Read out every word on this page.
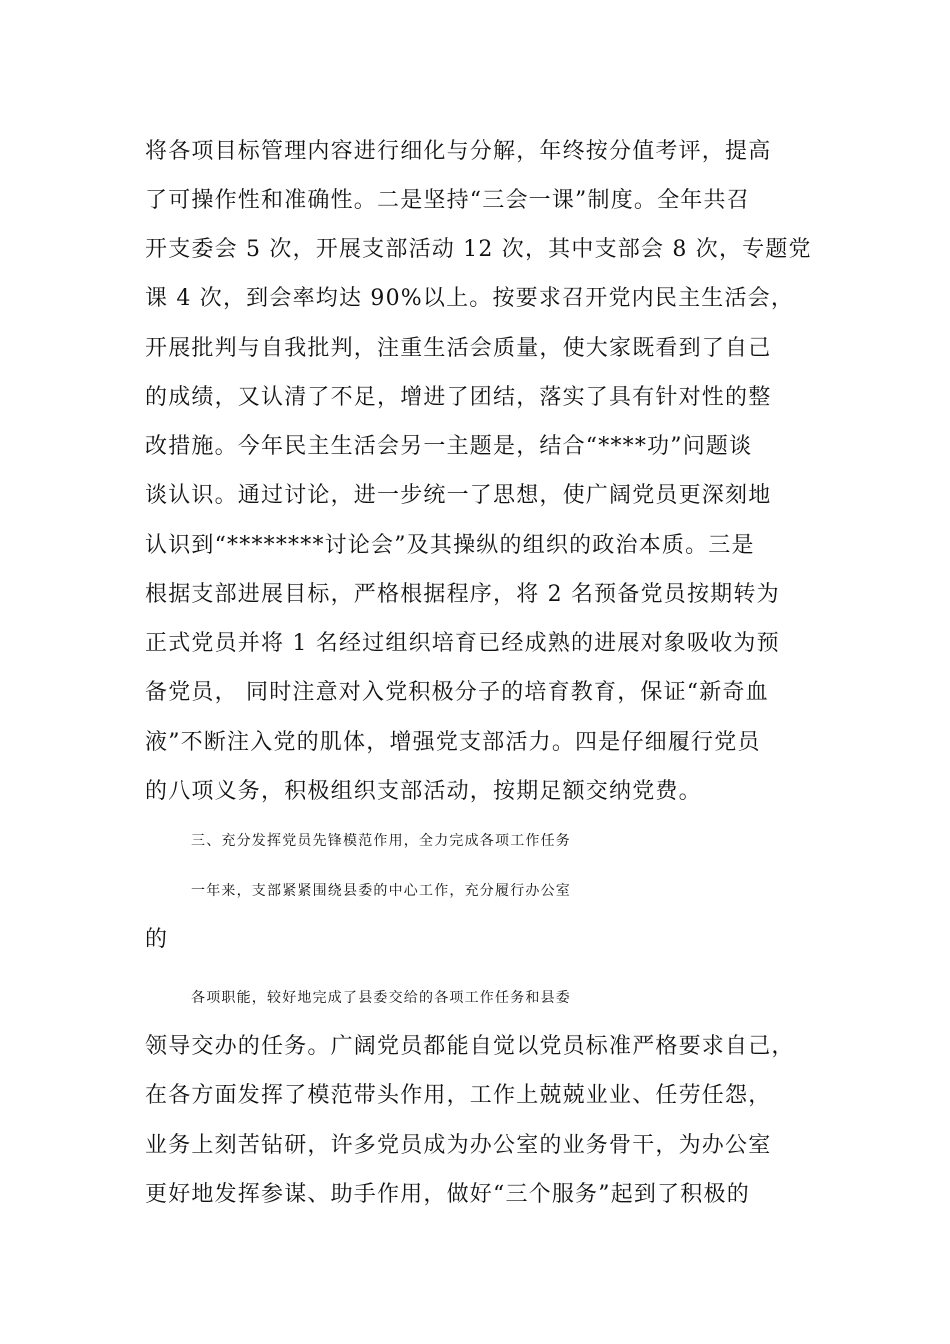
将各项目标管理内容进行细化与分解，年终按分值考评，提高
了可操作性和准确性。二是坚持“三会一课”制度。全年共召
开支委会 5 次，开展支部活动 12 次，其中支部会 8 次，专题党
课 4 次，到会率均达 90%以上。按要求召开党内民主生活会，
开展批判与自我批判，注重生活会质量，使大家既看到了自己
的成绩，又认清了不足，增进了团结，落实了具有针对性的整
改措施。今年民主生活会另一主题是，结合“****功”问题谈
谈认识。通过讨论，进一步统一了思想，使广阔党员更深刻地
认识到“********讨论会”及其操纵的组织的政治本质。三是
根据支部进展目标，严格根据程序，将 2 名预备党员按期转为
正式党员并将 1 名经过组织培育已经成熟的进展对象吸收为预
备党员， 同时注意对入党积极分子的培育教育，保证“新奇血
液”不断注入党的肌体，增强党支部活力。四是仔细履行党员
的八项义务，积极组织支部活动，按期足额交纳党费。
三、充分发挥党员先锋模范作用，全力完成各项工作任务
一年来，支部紧紧围绕县委的中心工作，充分履行办公室
的
各项职能，较好地完成了县委交给的各项工作任务和县委
领导交办的任务。广阔党员都能自觉以党员标准严格要求自己，
在各方面发挥了模范带头作用，工作上兢兢业业、任劳任怨，
业务上刻苦钻研，许多党员成为办公室的业务骨干，为办公室
更好地发挥参谋、助手作用，做好“三个服务”起到了积极的
